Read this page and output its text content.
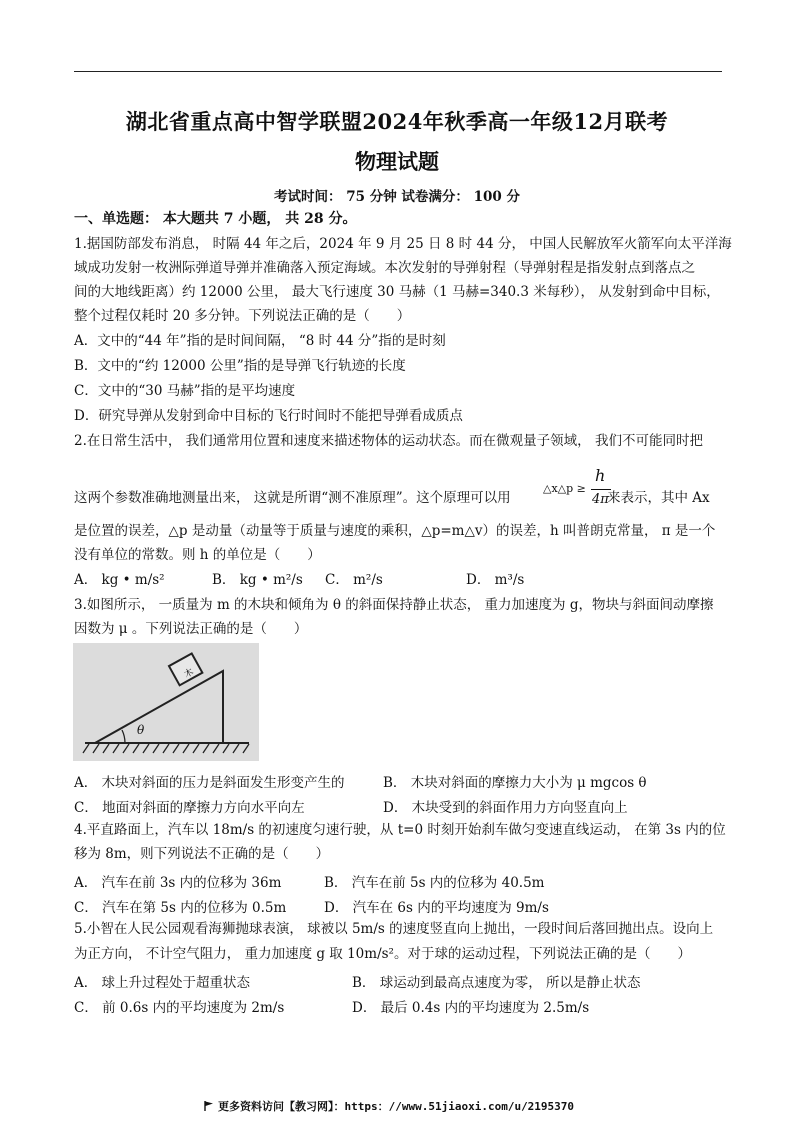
湖北省重点高中智学联盟2024年秋季高一年级12月联考
物理试题
考试时间： 75 分钟 试卷满分： 100 分
一、单选题： 本大题共 7 小题， 共 28 分。
1.据国防部发布消息， 时隔 44 年之后，2024 年 9 月 25 日 8 时 44 分， 中国人民解放军火箭军向太平洋海
域成功发射一枚洲际弹道导弹并准确落入预定海域。本次发射的导弹射程（导弹射程是指发射点到落点之
间的大地线距离）约 12000 公里， 最大飞行速度 30 马赫（1 马赫=340.3 米每秒）， 从发射到命中目标，
整个过程仅耗时 20 多分钟。下列说法正确的是（　　）
A．文中的“44 年”指的是时间间隔， “8 时 44 分”指的是时刻
B．文中的“约 12000 公里”指的是导弹飞行轨迹的长度
C．文中的“30 马赫”指的是平均速度
D．研究导弹从发射到命中目标的飞行时间时不能把导弹看成质点
2.在日常生活中， 我们通常用位置和速度来描述物体的运动状态。而在微观量子领域， 我们不可能同时把
这两个参数准确地测量出来， 这就是所谓“测不准原理”。这个原理可以用
△x△p ≥
h
4π
来表示，其中 Ax
是位置的误差，△p 是动量（动量等于质量与速度的乘积，△p=m△v）的误差，h 叫普朗克常量， π 是一个
没有单位的常数。则 h 的单位是（　　）
A． kg • m/s²	B． kg • m²/s C． m²/s	D． m³/s
3.如图所示， 一质量为 m 的木块和倾角为 θ 的斜面保持静止状态， 重力加速度为 g，物块与斜面间动摩擦
因数为 μ 。下列说法正确的是（　　）
木
θ
A． 木块对斜面的压力是斜面发生形变产生的	B． 木块对斜面的摩擦力大小为 μ mgcos θ
C． 地面对斜面的摩擦力方向水平向左	D． 木块受到的斜面作用力方向竖直向上
4.平直路面上，汽车以 18m/s 的初速度匀速行驶，从 t=0 时刻开始刹车做匀变速直线运动， 在第 3s 内的位
移为 8m，则下列说法不正确的是（　　）
A． 汽车在前 3s 内的位移为 36m	B． 汽车在前 5s 内的位移为 40.5m
C． 汽车在第 5s 内的位移为 0.5m	D． 汽车在 6s 内的平均速度为 9m/s
5.小智在人民公园观看海狮抛球表演， 球被以 5m/s 的速度竖直向上抛出，一段时间后落回抛出点。设向上
为正方向， 不计空气阻力， 重力加速度 g 取 10m/s²。对于球的运动过程，下列说法正确的是（　　）
A． 球上升过程处于超重状态	B． 球运动到最高点速度为零， 所以是静止状态
C． 前 0.6s 内的平均速度为 2m/s	D． 最后 0.4s 内的平均速度为 2.5m/s
更多资料访问【教习网】：https：//www.51jiaoxi.com/u/2195370
